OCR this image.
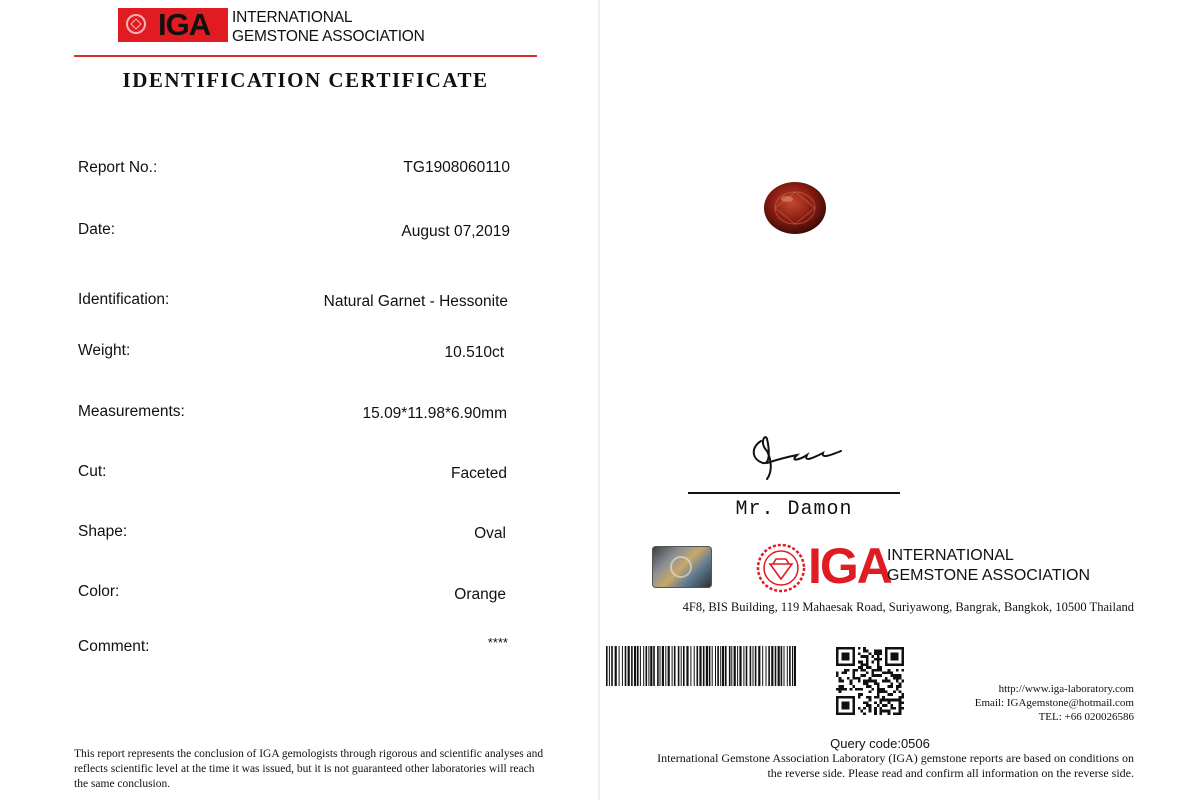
IGA INTERNATIONAL
GEMSTONE ASSOCIATION
IDENTIFICATION CERTIFICATE
Report No.:	TG1908060110
Date:	August 07,2019
Identification:	Natural Garnet - Hessonite
Weight:	10.510ct
Measurements:	15.09*11.98*6.90mm
Cut:	Faceted
Shape:	Oval
Color:	Orange
Comment:	****
This report represents the conclusion of IGA gemologists through rigorous and scientific analyses and reflects scientific level at the time it was issued, but it is not guaranteed other laboratories will reach the same conclusion.
Mr. Damon
IGA
INTERNATIONAL
GEMSTONE ASSOCIATION
4F8, BIS Building, 119 Mahaesak Road, Suriyawong, Bangrak, Bangkok, 10500 Thailand
http://www.iga-laboratory.com
Email: IGAgemstone@hotmail.com
TEL: +66 020026586
Query code:0506
International Gemstone Association Laboratory (IGA) gemstone reports are based on conditions on the reverse side. Please read and confirm all information on the reverse side.
